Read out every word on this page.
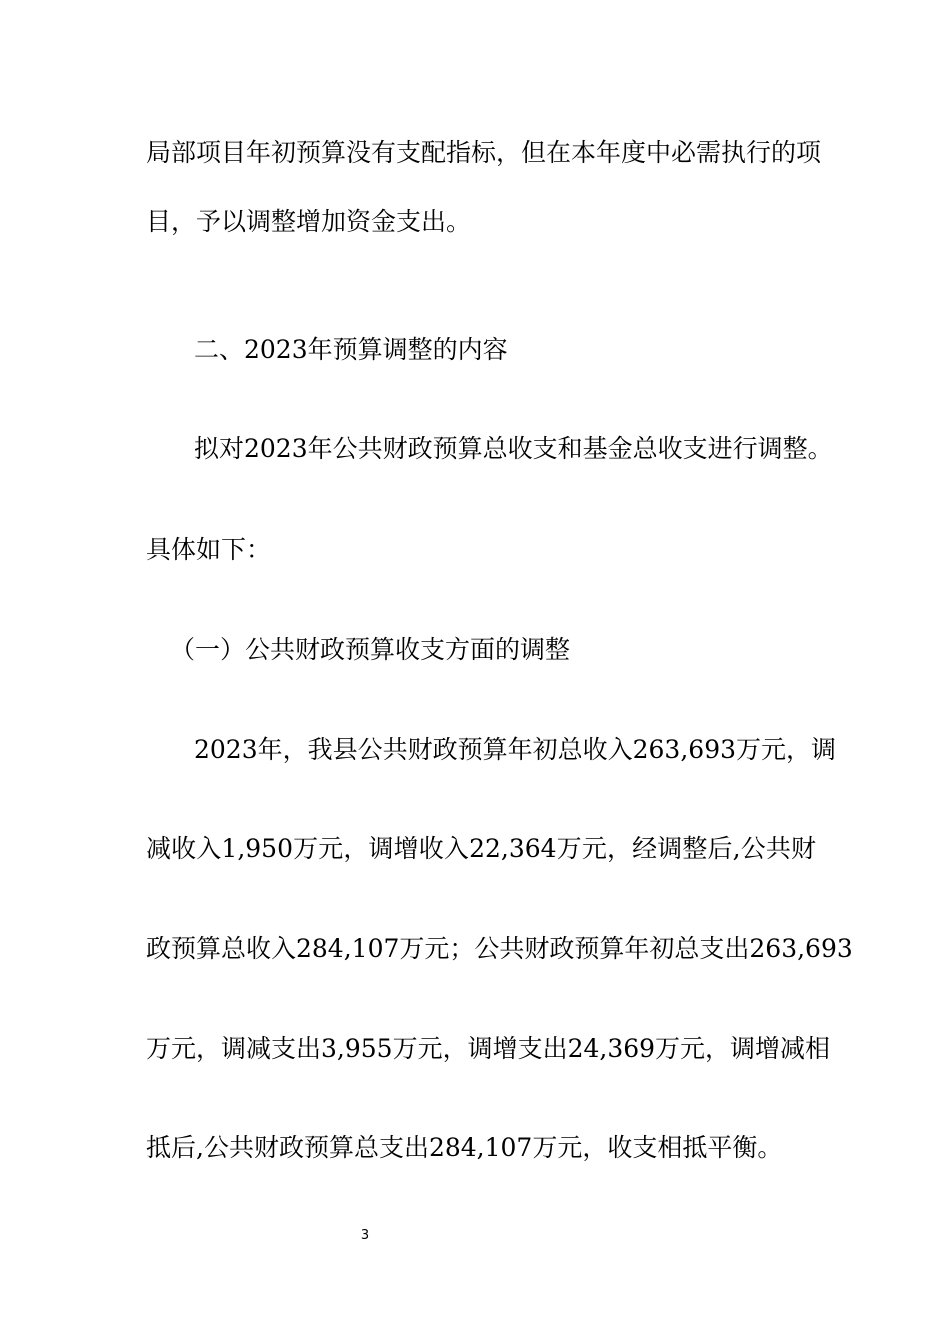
局部项目年初预算没有支配指标，但在本年度中必需执行的项
目，予以调整增加资金支出。
二、2023年预算调整的内容
拟对2023年公共财政预算总收支和基金总收支进行调整。
具体如下：
（一）公共财政预算收支方面的调整
2023年，我县公共财政预算年初总收入263,693万元，调
减收入1,950万元，调增收入22,364万元，经调整后,公共财
政预算总收入284,107万元；公共财政预算年初总支出263,693
万元，调减支出3,955万元，调增支出24,369万元，调增减相
抵后,公共财政预算总支出284,107万元，收支相抵平衡。
3
